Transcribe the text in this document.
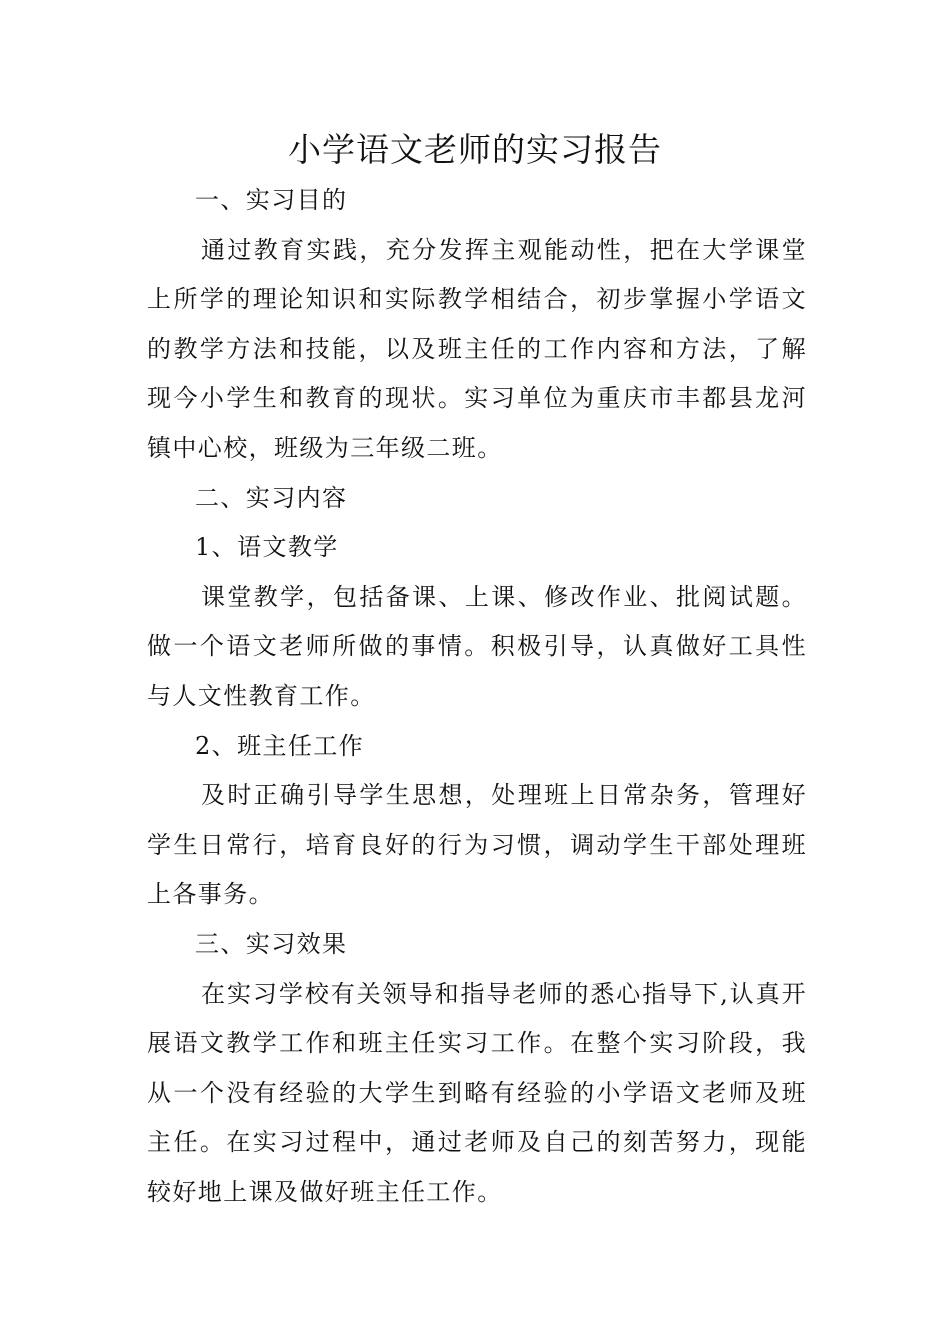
小学语文老师的实习报告

一、实习目的

通过教育实践，充分发挥主观能动性，把在大学课堂上所学的理论知识和实际教学相结合，初步掌握小学语文的教学方法和技能，以及班主任的工作内容和方法，了解现今小学生和教育的现状。实习单位为重庆市丰都县龙河镇中心校，班级为三年级二班。

二、实习内容

1、语文教学

课堂教学，包括备课、上课、修改作业、批阅试题。做一个语文老师所做的事情。积极引导，认真做好工具性与人文性教育工作。

2、班主任工作

及时正确引导学生思想，处理班上日常杂务，管理好学生日常行，培育良好的行为习惯，调动学生干部处理班上各事务。

三、实习效果

在实习学校有关领导和指导老师的悉心指导下,认真开展语文教学工作和班主任实习工作。在整个实习阶段，我从一个没有经验的大学生到略有经验的小学语文老师及班主任。在实习过程中，通过老师及自己的刻苦努力，现能较好地上课及做好班主任工作。
